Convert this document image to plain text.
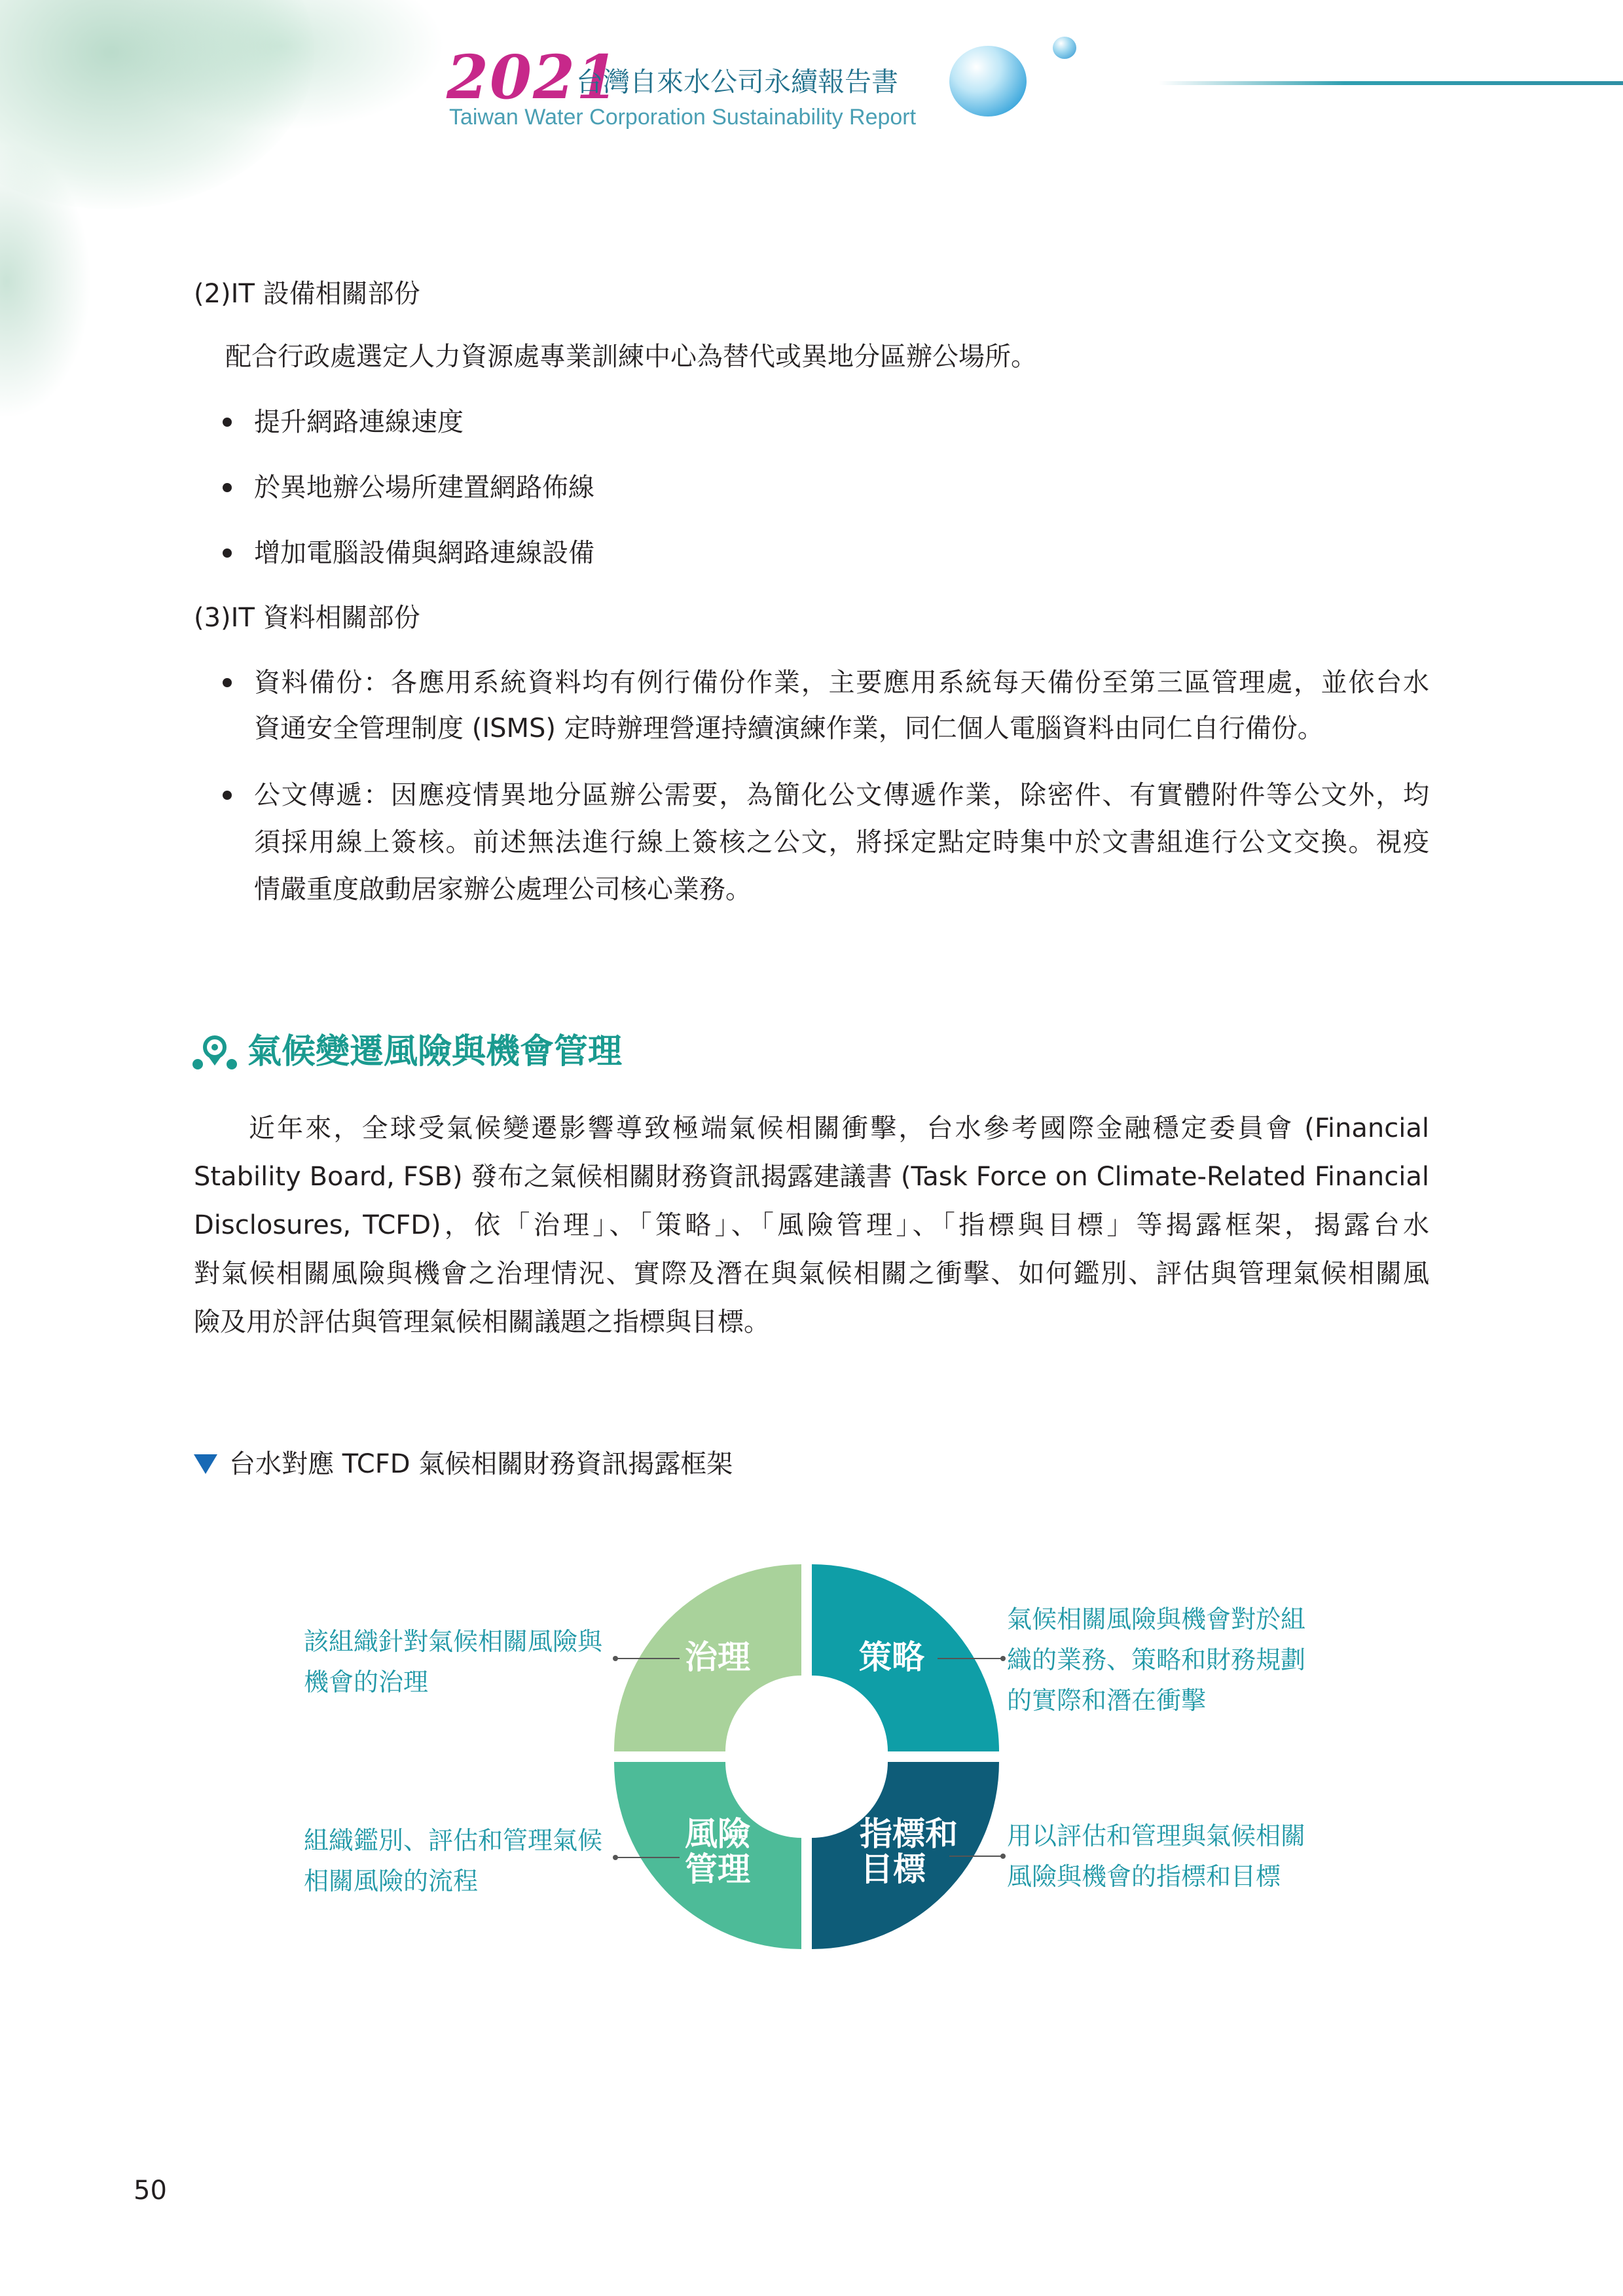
2021
台灣自來水公司永續報告書
Taiwan Water Corporation Sustainability Report
(2)IT 設備相關部份
配合行政處選定人力資源處專業訓練中心為替代或異地分區辦公場所。
提升網路連線速度
於異地辦公場所建置網路佈線
增加電腦設備與網路連線設備
(3)IT 資料相關部份
資料備份：各應用系統資料均有例行備份作業，主要應用系統每天備份至第三區管理處，並依台水
資通安全管理制度 (ISMS) 定時辦理營運持續演練作業，同仁個人電腦資料由同仁自行備份。
公文傳遞：因應疫情異地分區辦公需要，為簡化公文傳遞作業，除密件、有實體附件等公文外，均
須採用線上簽核。前述無法進行線上簽核之公文，將採定點定時集中於文書組進行公文交換。視疫
情嚴重度啟動居家辦公處理公司核心業務。
氣候變遷風險與機會管理
近年來，全球受氣候變遷影響導致極端氣候相關衝擊，台水參考國際金融穩定委員會 (Financial
Stability Board, FSB) 發布之氣候相關財務資訊揭露建議書 (Task Force on Climate-Related Financial
Disclosures, TCFD)，依「治理」、「策略」、「風險管理」、「指標與目標」等揭露框架，揭露台水
對氣候相關風險與機會之治理情況、實際及潛在與氣候相關之衝擊、如何鑑別、評估與管理氣候相關風
險及用於評估與管理氣候相關議題之指標與目標。
台水對應 TCFD 氣候相關財務資訊揭露框架
治理	策略
風險
管理
指標和
目標
該組織針對氣候相關風險與
機會的治理
氣候相關風險與機會對於組
織的業務、策略和財務規劃
的實際和潛在衝擊
組織鑑別、評估和管理氣候
相關風險的流程
用以評估和管理與氣候相關
風險與機會的指標和目標
50
